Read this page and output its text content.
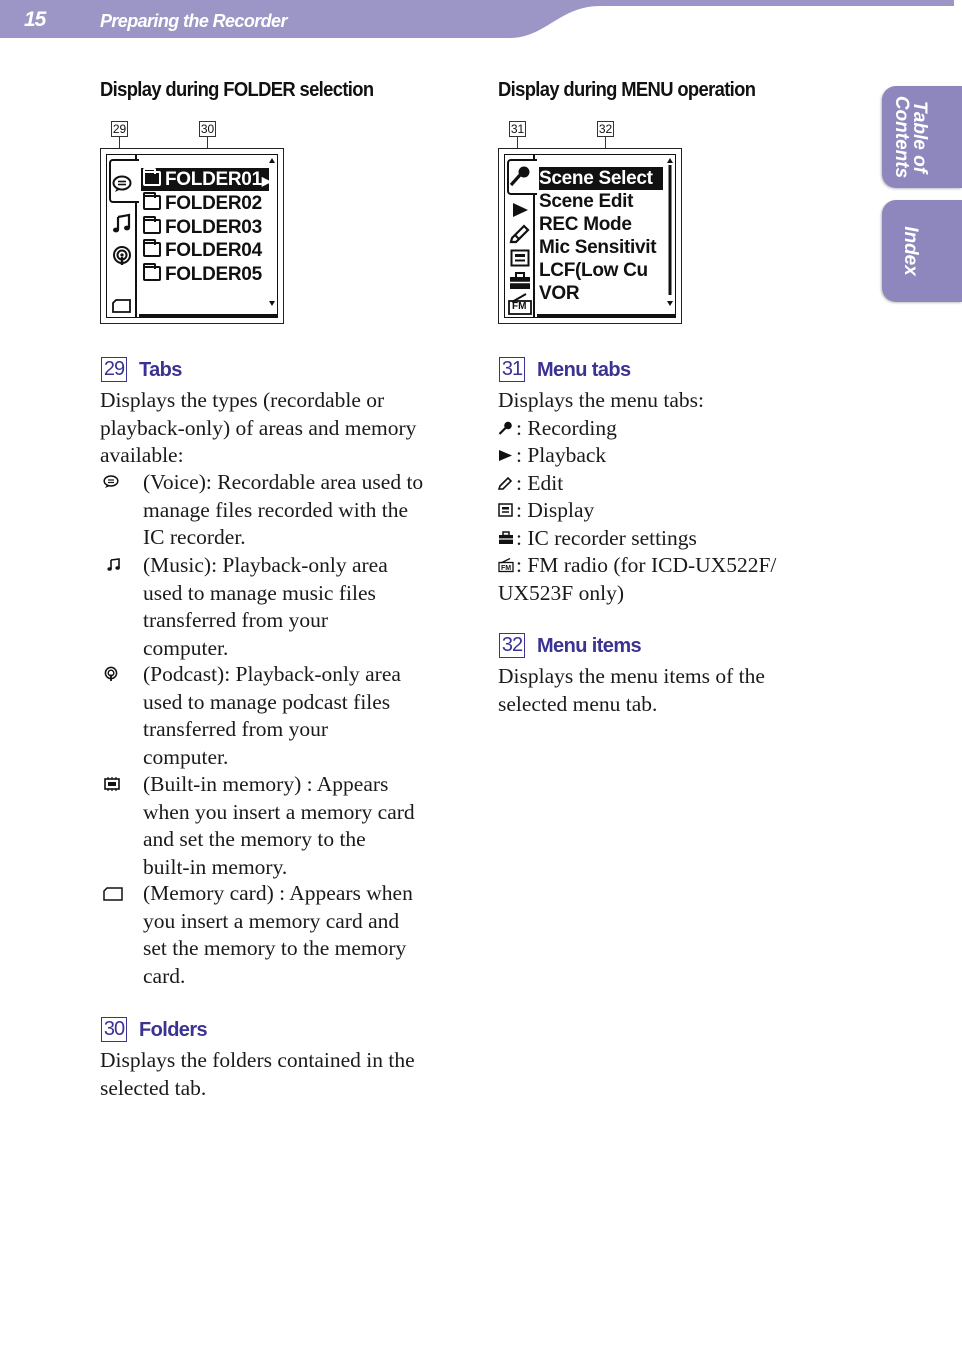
15	Preparing the Recorder
Table of
Contents
Index
Display during FOLDER selection
29	30
FOLDER01▶
FOLDER02
FOLDER03
FOLDER04
FOLDER05
Display during MENU operation
31	32
FM
Scene Select
Scene Edit
REC Mode
Mic Sensitivit
LCF(Low Cu
VOR
29 Tabs
Displays the types (recordable or
playback-only) of areas and memory
available:
(Voice): Recordable area used to
manage files recorded with the
IC recorder.
(Music): Playback-only area
used to manage music files
transferred from your
computer.
(Podcast): Playback-only area
used to manage podcast files
transferred from your
computer.
(Built-in memory) : Appears
when you insert a memory card
and set the memory to the
built-in memory.
(Memory card) : Appears when
you insert a memory card and
set the memory to the memory
card.
30 Folders
Displays the folders contained in the
selected tab.
31 Menu tabs
Displays the menu tabs:
: Recording
: Playback
: Edit
: Display
: IC recorder settings
FM : FM radio (for ICD-UX522F/
UX523F only)
32 Menu items
Displays the menu items of the
selected menu tab.
